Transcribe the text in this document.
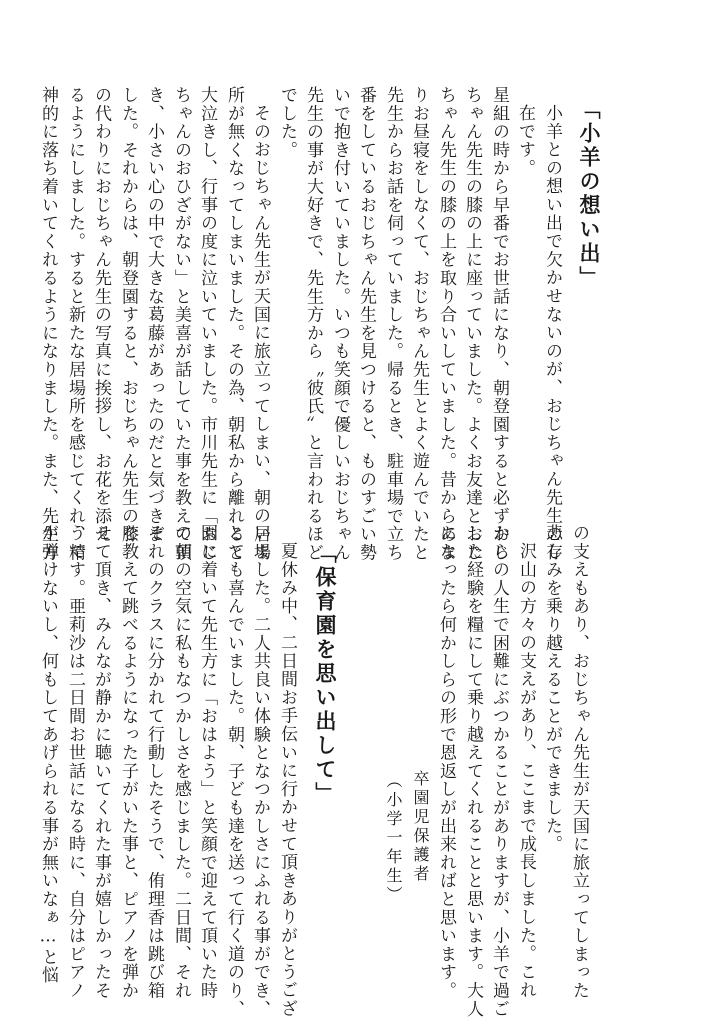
「小羊の想い出」

小羊との想い出で欠かせないのが、おじちゃん先生の存

在です。

星組の時から早番でお世話になり、朝登園すると必ずおじ

ちゃん先生の膝の上に座っていました。よくお友達とおじ

ちゃん先生の膝の上を取り合いしていました。昔からあま

りお昼寝をしなくて、おじちゃん先生とよく遊んでいたと

先生からお話を伺っていました。帰るとき、駐車場で立ち

番をしているおじちゃん先生を見つけると、ものすごい勢

いで抱き付いていました。いつも笑顔で優しいおじちゃん

先生の事が大好きで、先生方から〝彼氏〟と言われるほど

でした。

そのおじちゃん先生が天国に旅立ってしまい、朝の居場

所が無くなってしまいました。その為、朝私から離れると

大泣きし、行事の度に泣いていました。市川先生に「おじ

ちゃんのおひざがない」と美喜が話していた事を教えて頂

き、小さい心の中で大きな葛藤があったのだと気づきま

した。それからは、朝登園すると、おじちゃん先生の膝

の代わりにおじちゃん先生の写真に挨拶し、お花を添え

るようにしました。すると新たな居場所を感じてくれ、精

神的に落ち着いてくれるようになりました。また、先生方

の支えもあり、おじちゃん先生が天国に旅立ってしまった

悲しみを乗り越えることができました。

沢山の方々の支えがあり、ここまで成長しました。これ

からの人生で困難にぶつかることがありますが、小羊で過ご

した経験を糧にして乗り越えてくれることと思います。大人

になったら何かしらの形で恩返しが出来ればと思います。

卒園児保護者

（小学一年生）

「保育園を思い出して」

夏休み中、二日間お手伝いに行かせて頂きありがとうござ

いました。二人共良い体験となつかしさにふれる事ができ、

とても喜んでいました。朝、子ども達を送って行く道のり、

園に着いて先生方に「おはよう」と笑顔で迎えて頂いた時

の朝の空気に私もなつかしさを感じました。二日間、それ

ぞれのクラスに分かれて行動したそうで、侑理香は跳び箱

を教えて跳べるようになった子がいた事と、ピアノを弾か

せて頂き、みんなが静かに聴いてくれた事が嬉しかったそ

うです。亜莉沙は二日間お世話になる時に、自分はピアノ

が弾けないし、何もしてあげられる事が無いなぁ…と悩
